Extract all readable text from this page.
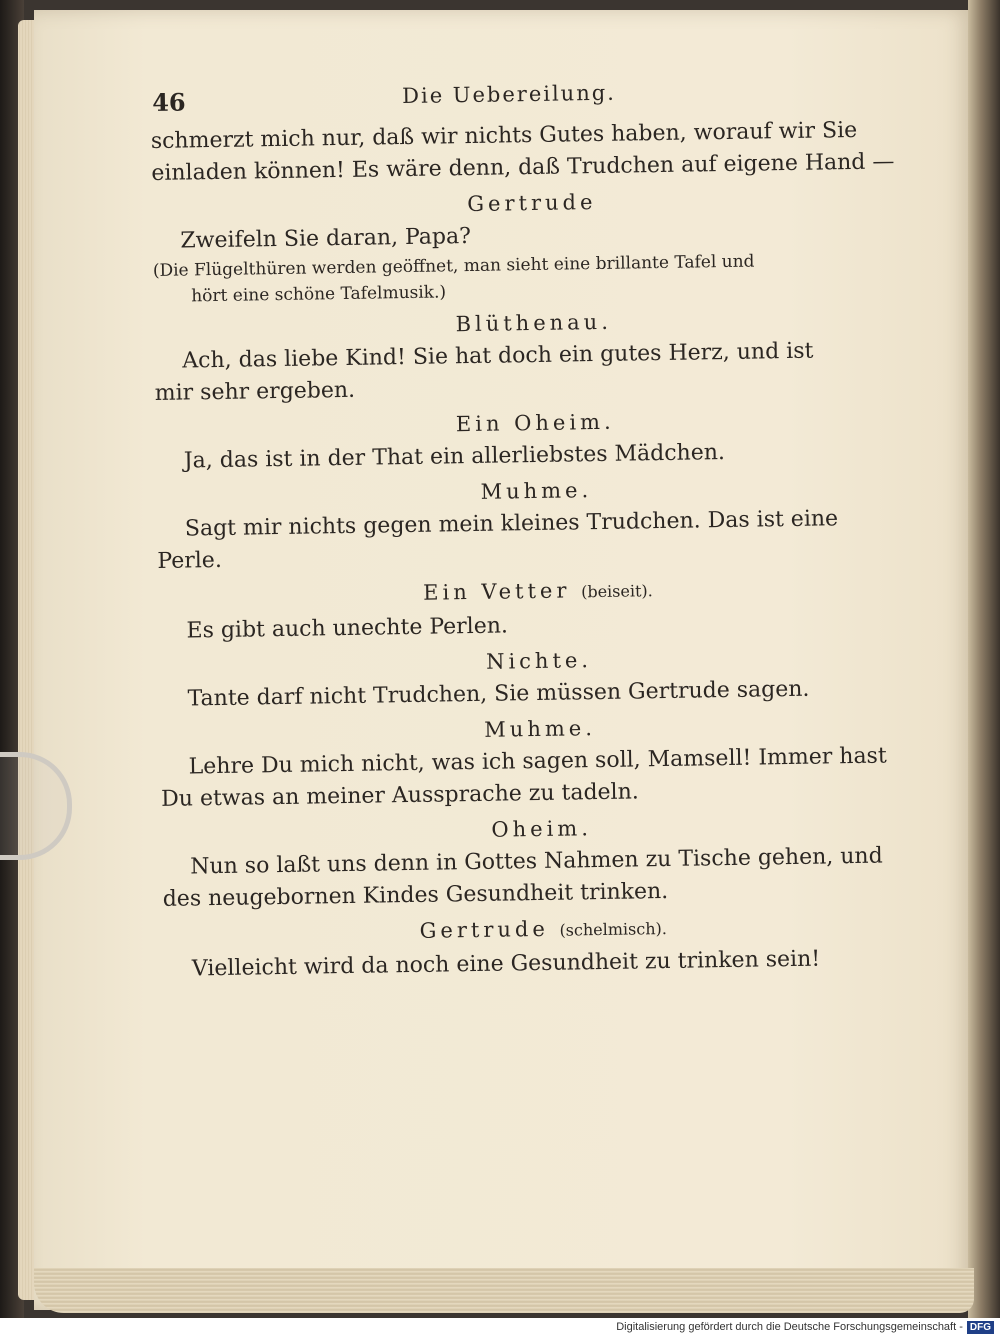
46	Die Uebereilung.
schmerzt mich nur, daß wir nichts Gutes haben, worauf wir Sie
einladen können! Es wäre denn, daß Trudchen auf eigene Hand —
Gertrude
Zweifeln Sie daran, Papa?
(Die Flügelthüren werden geöffnet, man sieht eine brillante Tafel und
hört eine schöne Tafelmusik.)
Blüthenau.
Ach, das liebe Kind! Sie hat doch ein gutes Herz, und ist
mir sehr ergeben.
Ein Oheim.
Ja, das ist in der That ein allerliebstes Mädchen.
Muhme.
Sagt mir nichts gegen mein kleines Trudchen. Das ist eine
Perle.
Ein Vetter (beiseit).
Es gibt auch unechte Perlen.
Nichte.
Tante darf nicht Trudchen, Sie müssen Gertrude sagen.
Muhme.
Lehre Du mich nicht, was ich sagen soll, Mamsell! Immer hast
Du etwas an meiner Aussprache zu tadeln.
Oheim.
Nun so laßt uns denn in Gottes Nahmen zu Tische gehen, und
des neugebornen Kindes Gesundheit trinken.
Gertrude (schelmisch).
Vielleicht wird da noch eine Gesundheit zu trinken sein!
Digitalisierung gefördert durch die Deutsche Forschungsgemeinschaft - DFG
